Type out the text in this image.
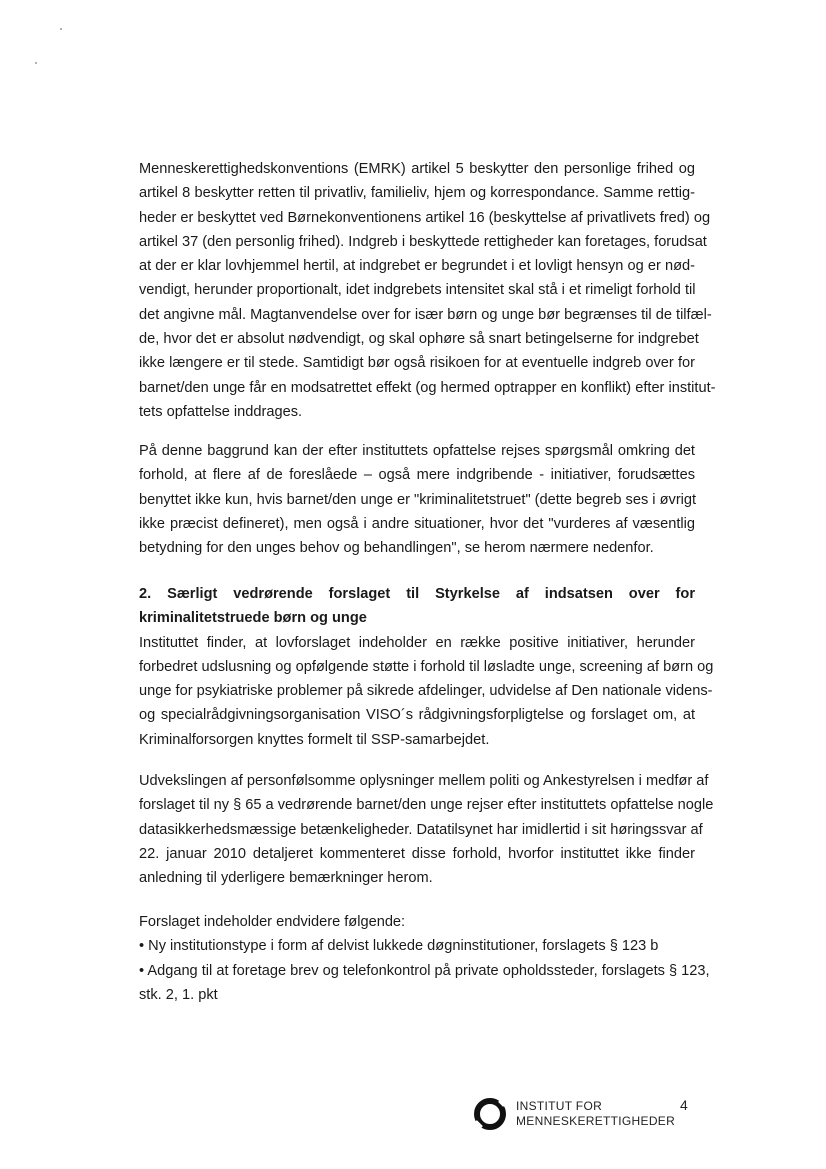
Menneskerettighedskonventions (EMRK) artikel 5 beskytter den personlige frihed og
artikel 8 beskytter retten til privatliv, familieliv, hjem og korrespondance. Samme rettig-
heder er beskyttet ved Børnekonventionens artikel 16 (beskyttelse af privatlivets fred) og
artikel 37 (den personlig frihed). Indgreb i beskyttede rettigheder kan foretages, forudsat
at der er klar lovhjemmel hertil, at indgrebet er begrundet i et lovligt hensyn og er nød-
vendigt, herunder proportionalt, idet indgrebets intensitet skal stå i et rimeligt forhold til
det angivne mål. Magtanvendelse over for især børn og unge bør begrænses til de tilfæl-
de, hvor det er absolut nødvendigt, og skal ophøre så snart betingelserne for indgrebet
ikke længere er til stede. Samtidigt bør også risikoen for at eventuelle indgreb over for
barnet/den unge får en modsatrettet effekt (og hermed optrapper en konflikt) efter institut-
tets opfattelse inddrages.
På denne baggrund kan der efter instituttets opfattelse rejses spørgsmål omkring det
forhold, at flere af de foreslåede – også mere indgribende - initiativer, forudsættes
benyttet ikke kun, hvis barnet/den unge er "kriminalitetstruet" (dette begreb ses i øvrigt
ikke præcist defineret), men også i andre situationer, hvor det "vurderes af væsentlig
betydning for den unges behov og behandlingen", se herom nærmere nedenfor.
2. Særligt vedrørende forslaget til Styrkelse af indsatsen over for
kriminalitetstruede børn og unge
Instituttet finder, at lovforslaget indeholder en række positive initiativer, herunder
forbedret udslusning og opfølgende støtte i forhold til løsladte unge, screening af børn og
unge for psykiatriske problemer på sikrede afdelinger, udvidelse af Den nationale videns-
og specialrådgivningsorganisation VISO´s rådgivningsforpligtelse og forslaget om, at
Kriminalforsorgen knyttes formelt til SSP-samarbejdet.
Udvekslingen af personfølsomme oplysninger mellem politi og Ankestyrelsen i medfør af
forslaget til ny § 65 a vedrørende barnet/den unge rejser efter instituttets opfattelse nogle
datasikkerhedsmæssige betænkeligheder. Datatilsynet har imidlertid i sit høringssvar af
22. januar 2010 detaljeret kommenteret disse forhold, hvorfor instituttet ikke finder
anledning til yderligere bemærkninger herom.
Forslaget indeholder endvidere følgende:
• Ny institutionstype i form af delvist lukkede døgninstitutioner, forslagets § 123 b
• Adgang til at foretage brev og telefonkontrol på private opholdssteder, forslagets § 123,
stk. 2, 1. pkt
INSTITUT FOR
MENNESKERETTIGHEDER
4
